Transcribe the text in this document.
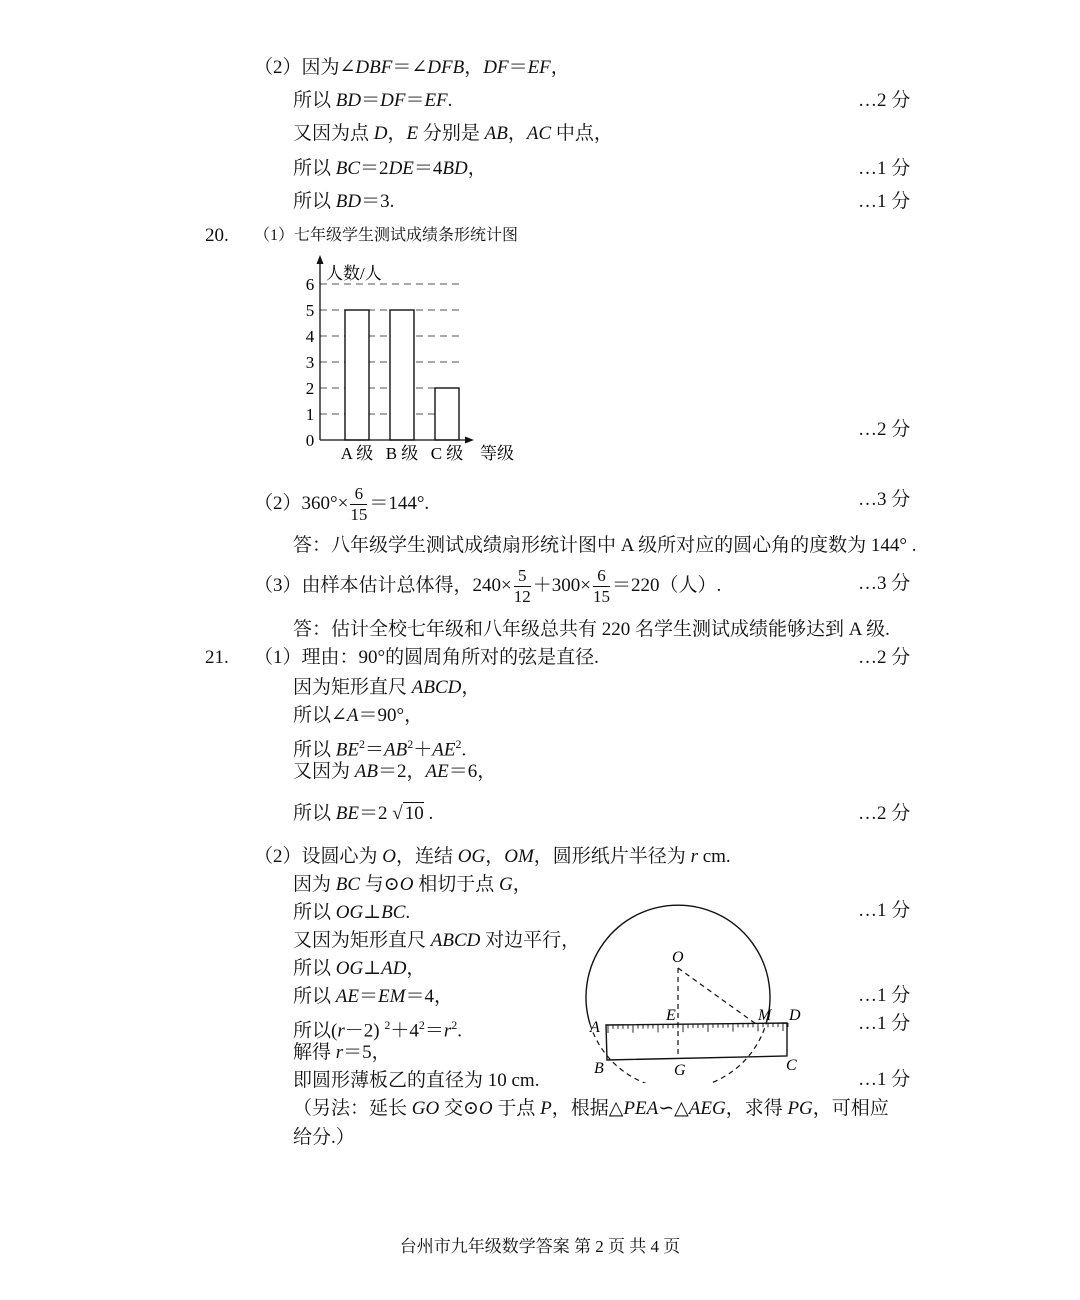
（2）因为∠DBF＝∠DFB，DF＝EF，
所以 BD＝DF＝EF.	…2 分
又因为点 D，E 分别是 AB，AC 中点，
所以 BC＝2DE＝4BD，	…1 分
所以 BD＝3.	…1 分
20. （1）七年级学生测试成绩条形统计图
0
1
2
3
4
5
6
A 级 B 级 C 级
人数/人
等级
…2 分
$(2)360^\circ\times \frac{6}{15} =144^\circ$.	…3 分
答：八年级学生测试成绩扇形统计图中 A 级所对应的圆心角的度数为 144° .
（3）由样本估计总体得，$240\times \frac{5}{12} +300\times \frac{6}{15} =220$（人）.	…3 分
答：估计全校七年级和八年级总共有 220 名学生测试成绩能够达到 A 级.
21. （1）理由：90°的圆周角所对的弦是直径.	…2 分
因为矩形直尺 ABCD，
所以∠A＝90°，
所以 $BE^2=AB^2+AE^2$.
又因为 AB＝2，AE＝6，
所以 BE＝2 √ 10 .	…2 分
（2）设圆心为 O，连结 OG，OM，圆形纸片半径为 r cm.
因为 BC 与⊙O 相切于点 G，
所以 OG⊥BC.	…1 分
又因为矩形直尺 ABCD 对边平行，
所以 OG⊥AD，
所以 AE＝EM＝4，	…1 分
所以(r－2) $^2+4^2=r^2$.	…1 分
解得 r＝5，
即圆形薄板乙的直径为 10 cm.	…1 分
（另法：延长 GO 交⊙O 于点 P，根据△PEA∽△AEG，求得 PG，可相应
给分.）
O
E	M D
A
B	G	C
台州市九年级数学答案 第 2 页 共 4 页
